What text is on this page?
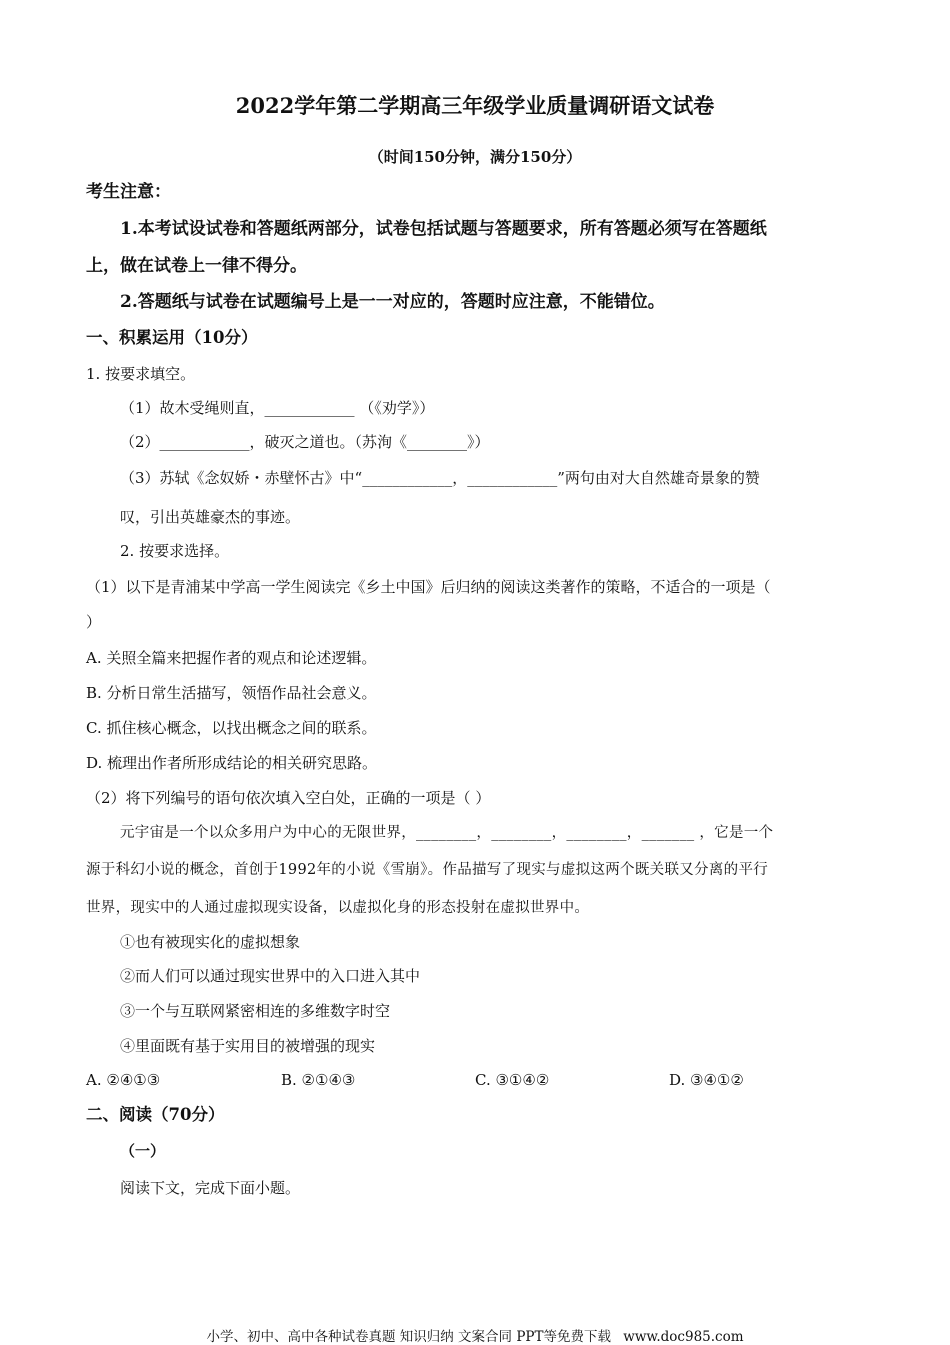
2022学年第二学期高三年级学业质量调研语文试卷
（时间150分钟，满分150分）
考生注意：
1.本考试设试卷和答题纸两部分，试卷包括试题与答题要求，所有答题必须写在答题纸
上，做在试卷上一律不得分。
2.答题纸与试卷在试题编号上是一一对应的，答题时应注意，不能错位。
一、积累运用（10分）
1. 按要求填空。
（1）故木受绳则直，____________ （《劝学》）
（2）____________，破灭之道也。（苏洵《________》）
（3）苏轼《念奴娇・赤壁怀古》中“____________，____________”两句由对大自然雄奇景象的赞
叹，引出英雄豪杰的事迹。
2. 按要求选择。
（1）以下是青浦某中学高一学生阅读完《乡土中国》后归纳的阅读这类著作的策略，不适合的一项是（
）
A. 关照全篇来把握作者的观点和论述逻辑。
B. 分析日常生活描写，领悟作品社会意义。
C. 抓住核心概念，以找出概念之间的联系。
D. 梳理出作者所形成结论的相关研究思路。
（2）将下列编号的语句依次填入空白处，正确的一项是（ ）
元宇宙是一个以众多用户为中心的无限世界，________，________，________，_______ ，它是一个
源于科幻小说的概念，首创于1992年的小说《雪崩》。作品描写了现实与虚拟这两个既关联又分离的平行
世界，现实中的人通过虚拟现实设备，以虚拟化身的形态投射在虚拟世界中。
①也有被现实化的虚拟想象
②而人们可以通过现实世界中的入口进入其中
③一个与互联网紧密相连的多维数字时空
④里面既有基于实用目的被增强的现实
A. ②④①③	B. ②①④③	C. ③①④②	D. ③④①②
二、阅读（70分）
（一）
阅读下文，完成下面小题。
小学、初中、高中各种试卷真题 知识归纳 文案合同 PPT等免费下载 www.doc985.com
